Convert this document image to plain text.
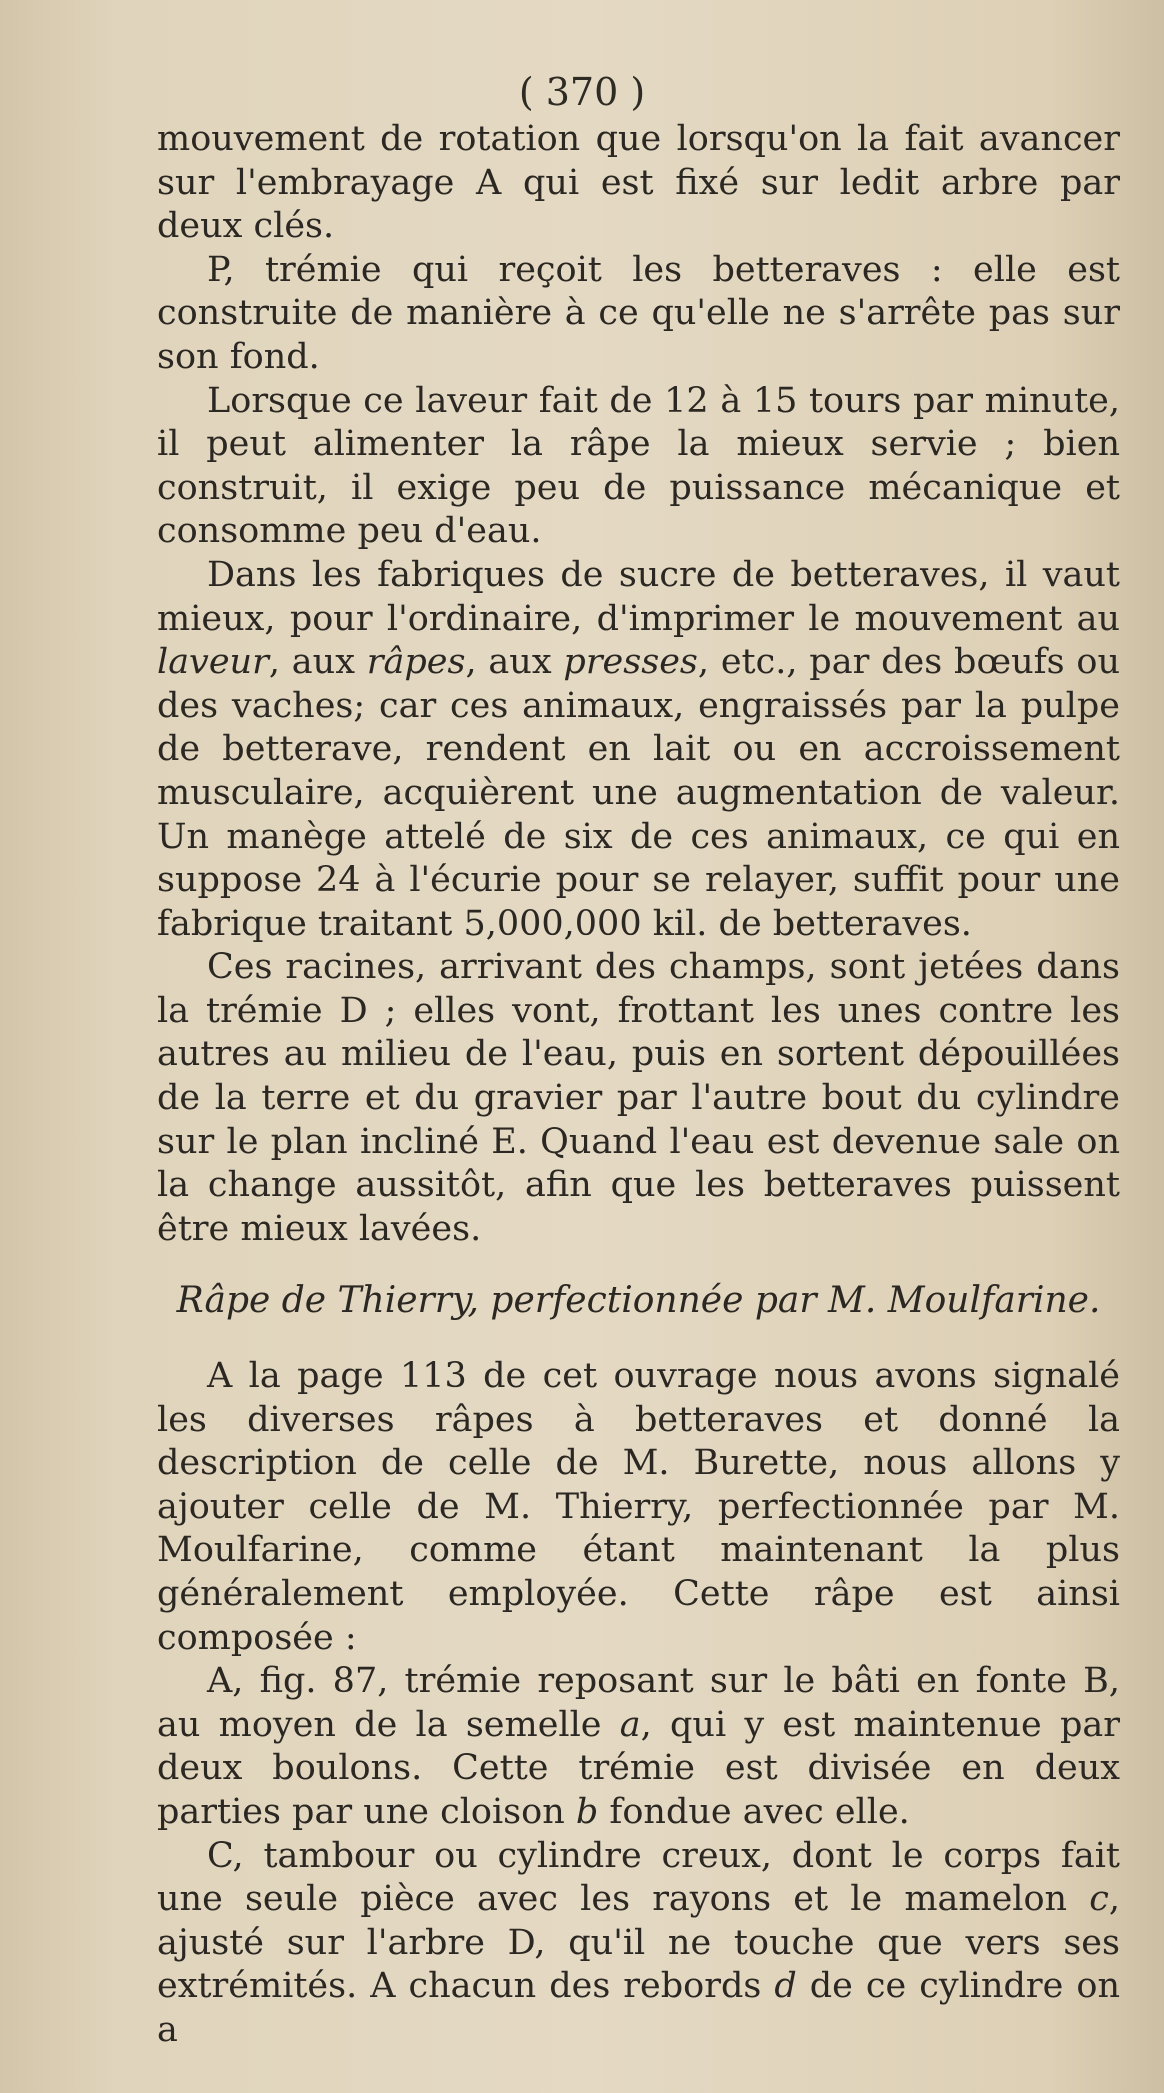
( 370 )

mouvement de rotation que lorsqu'on la fait avancer sur l'embrayage A qui est fixé sur ledit arbre par deux clés.

P, trémie qui reçoit les betteraves : elle est construite de manière à ce qu'elle ne s'arrête pas sur son fond.

Lorsque ce laveur fait de 12 à 15 tours par minute, il peut alimenter la râpe la mieux servie ; bien construit, il exige peu de puissance mécanique et consomme peu d'eau.

Dans les fabriques de sucre de betteraves, il vaut mieux, pour l'ordinaire, d'imprimer le mouvement au laveur, aux râpes, aux presses, etc., par des bœufs ou des vaches; car ces animaux, engraissés par la pulpe de betterave, rendent en lait ou en accroissement musculaire, acquièrent une augmentation de valeur. Un manège attelé de six de ces animaux, ce qui en suppose 24 à l'écurie pour se relayer, suffit pour une fabrique traitant 5,000,000 kil. de betteraves.

Ces racines, arrivant des champs, sont jetées dans la trémie D ; elles vont, frottant les unes contre les autres au milieu de l'eau, puis en sortent dépouillées de la terre et du gravier par l'autre bout du cylindre sur le plan incliné E. Quand l'eau est devenue sale on la change aussitôt, afin que les betteraves puissent être mieux lavées.

Râpe de Thierry, perfectionnée par M. Moulfarine.

A la page 113 de cet ouvrage nous avons signalé les diverses râpes à betteraves et donné la description de celle de M. Burette, nous allons y ajouter celle de M. Thierry, perfectionnée par M. Moulfarine, comme étant maintenant la plus généralement employée. Cette râpe est ainsi composée :

A, fig. 87, trémie reposant sur le bâti en fonte B, au moyen de la semelle a, qui y est maintenue par deux boulons. Cette trémie est divisée en deux parties par une cloison b fondue avec elle.

C, tambour ou cylindre creux, dont le corps fait une seule pièce avec les rayons et le mamelon c, ajusté sur l'arbre D, qu'il ne touche que vers ses extrémités. A chacun des rebords d de ce cylindre on a
